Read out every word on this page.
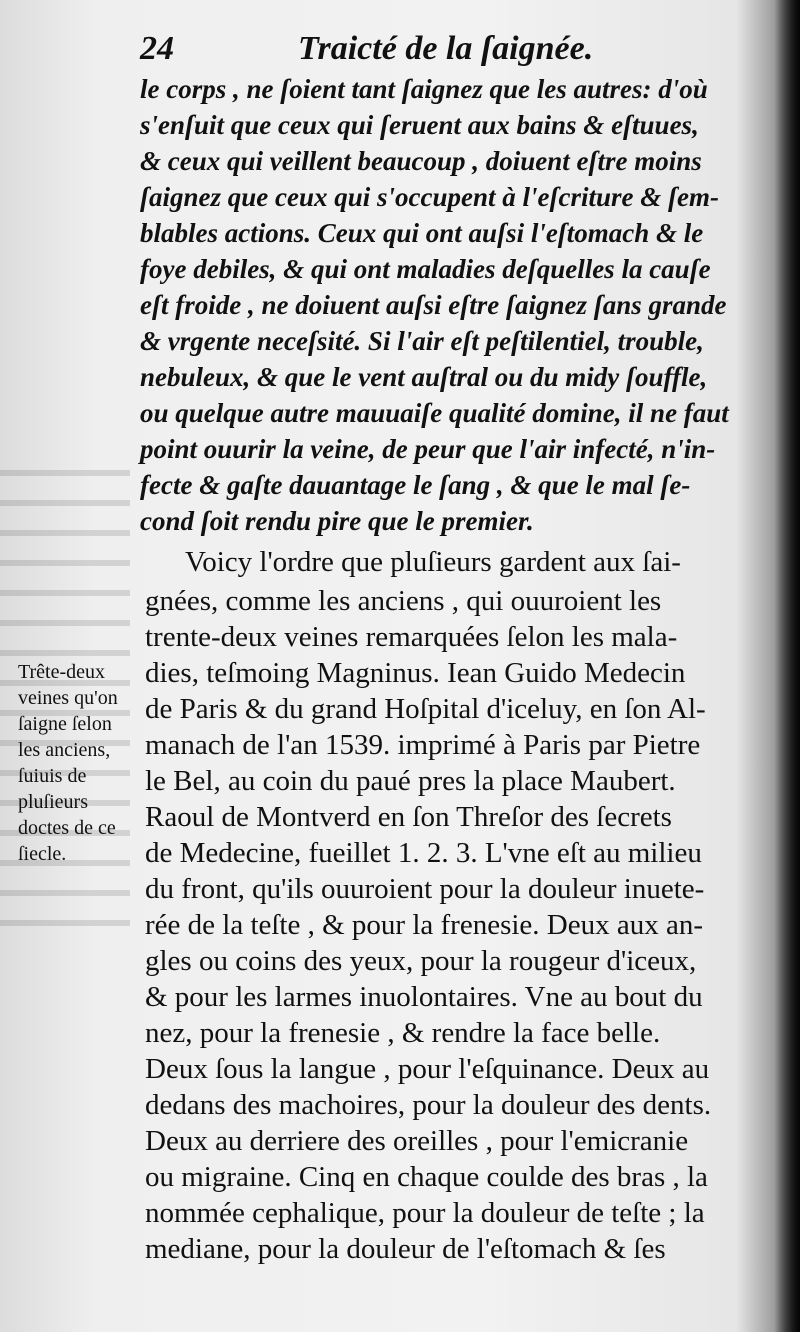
24	Traicté de la ſaignée.
le corps , ne ſoient tant ſaignez que les autres: d'où
s'enſuit que ceux qui ſeruent aux bains & eſtuues,
& ceux qui veillent beaucoup , doiuent eſtre moins
ſaignez que ceux qui s'occupent à l'eſcriture & ſem-
blables actions. Ceux qui ont auſsi l'eſtomach & le
foye debiles, & qui ont maladies deſquelles la cauſe
eſt froide , ne doiuent auſsi eſtre ſaignez ſans grande
& vrgente neceſsité. Si l'air eſt peſtilentiel, trouble,
nebuleux, & que le vent auſtral ou du midy ſouffle,
ou quelque autre mauuaiſe qualité domine, il ne faut
point ouurir la veine, de peur que l'air infecté, n'in-
fecte & gaſte dauantage le ſang , & que le mal ſe-
cond ſoit rendu pire que le premier.
Voicy l'ordre que pluſieurs gardent aux ſai-
gnées, comme les anciens , qui ouuroient les
trente-deux veines remarquées ſelon les mala-
dies, teſmoing Magninus. Iean Guido Medecin
de Paris & du grand Hoſpital d'iceluy, en ſon Al-
manach de l'an 1539. imprimé à Paris par Pietre
le Bel, au coin du paué pres la place Maubert.
Raoul de Montverd en ſon Threſor des ſecrets
de Medecine, fueillet 1. 2. 3. L'vne eſt au milieu
du front, qu'ils ouuroient pour la douleur inuete-
rée de la teſte , & pour la frenesie. Deux aux an-
gles ou coins des yeux, pour la rougeur d'iceux,
& pour les larmes inuolontaires. Vne au bout du
nez, pour la frenesie , & rendre la face belle.
Deux ſous la langue , pour l'eſquinance. Deux au
dedans des machoires, pour la douleur des dents.
Deux au derriere des oreilles , pour l'emicranie
ou migraine. Cinq en chaque coulde des bras , la
nommée cephalique, pour la douleur de teſte ; la
mediane, pour la douleur de l'eſtomach & ſes
Trête-deux
veines qu'on
ſaigne ſelon
les anciens,
ſuiuis de
pluſieurs
doctes de ce
ſiecle.
